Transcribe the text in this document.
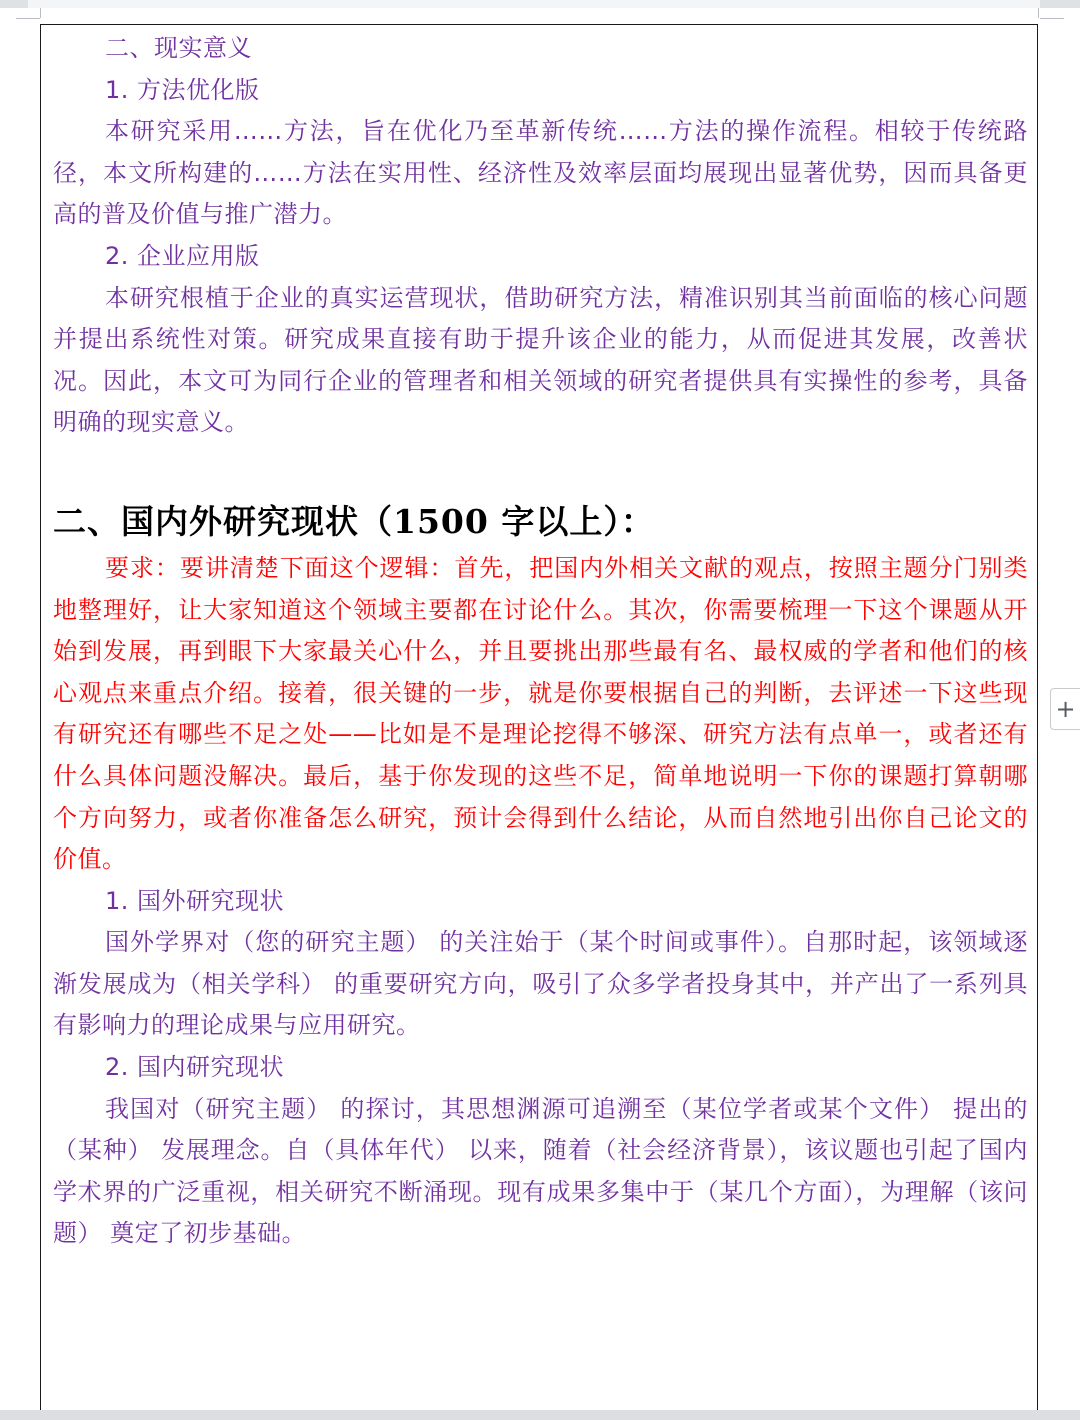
二、现实意义

1. 方法优化版

本研究采用……方法，旨在优化乃至革新传统……方法的操作流程。相较于传统路径，本文所构建的……方法在实用性、经济性及效率层面均展现出显著优势，因而具备更高的普及价值与推广潜力。

2. 企业应用版

本研究根植于企业的真实运营现状，借助研究方法，精准识别其当前面临的核心问题并提出系统性对策。研究成果直接有助于提升该企业的能力，从而促进其发展，改善状况。因此，本文可为同行企业的管理者和相关领域的研究者提供具有实操性的参考，具备明确的现实意义。

二、国内外研究现状（1500 字以上）：

要求：要讲清楚下面这个逻辑：首先，把国内外相关文献的观点，按照主题分门别类地整理好，让大家知道这个领域主要都在讨论什么。其次，你需要梳理一下这个课题从开始到发展，再到眼下大家最关心什么，并且要挑出那些最有名、最权威的学者和他们的核心观点来重点介绍。接着，很关键的一步，就是你要根据自己的判断，去评述一下这些现有研究还有哪些不足之处——比如是不是理论挖得不够深、研究方法有点单一，或者还有什么具体问题没解决。最后，基于你发现的这些不足，简单地说明一下你的课题打算朝哪个方向努力，或者你准备怎么研究，预计会得到什么结论，从而自然地引出你自己论文的价值。

1. 国外研究现状

国外学界对（您的研究主题） 的关注始于（某个时间或事件）。自那时起，该领域逐渐发展成为（相关学科） 的重要研究方向，吸引了众多学者投身其中，并产出了一系列具有影响力的理论成果与应用研究。

2. 国内研究现状

我国对（研究主题） 的探讨，其思想渊源可追溯至（某位学者或某个文件） 提出的（某种） 发展理念。自（具体年代） 以来，随着（社会经济背景），该议题也引起了国内学术界的广泛重视，相关研究不断涌现。现有成果多集中于（某几个方面），为理解（该问题） 奠定了初步基础。

+
